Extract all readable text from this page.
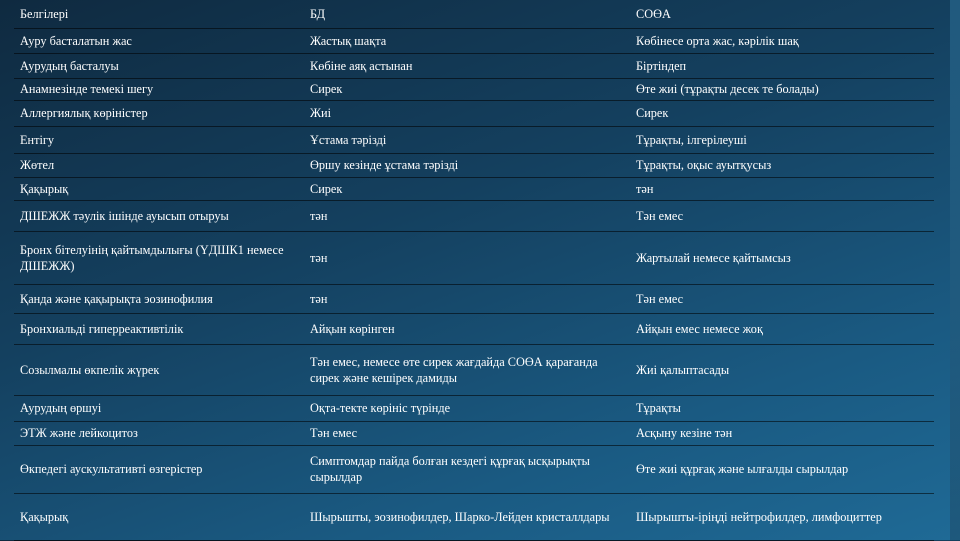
Белгілері	БД	СОӨА
Ауру басталатын жас	Жастық шақта	Көбінесе орта жас, кәрілік шақ
Аурудың басталуы	Көбіне аяқ астынан	Біртіндеп
Анамнезінде темекі шегу	Сирек	Өте жиі (тұрақты десек те болады)
Аллергиялық көріністер	Жиі	Сирек
Ентігу	Ұстама тәрізді	Тұрақты, ілгерілеуші
Жөтел	Өршу кезінде ұстама тәрізді	Тұрақты, оқыс ауытқусыз
Қақырық	Сирек	тән
ДШЕЖЖ тәулік ішінде ауысып отыруы	тән	Тән емес
Бронх бітелуінің қайтымдылығы (ҮДШК1 немесе ДШЕЖЖ)	тән	Жартылай немесе қайтымсыз
Қанда және қақырықта эозинофилия	тән	Тән емес
Бронхиальді гиперреактивтілік	Айқын көрінген	Айқын емес немесе жоқ
Созылмалы өкпелік жүрек	Тән емес, немесе өте сирек жағдайда СОӨА қарағанда сирек және кешірек дамиды	Жиі қалыптасады
Аурудың өршуі	Оқта-текте көрініс түрінде	Тұрақты
ЭТЖ және лейкоцитоз	Тән емес	Асқыну кезіне тән
Өкпедегі аускультативті өзгерістер	Симптомдар пайда болған кездегі құрғақ ысқырықты сырылдар	Өте жиі құрғақ және ылғалды сырылдар
Қақырық	Шырышты, эозинофилдер, Шарко-Лейден кристаллдары	Шырышты-іріңді нейтрофилдер, лимфоциттер
